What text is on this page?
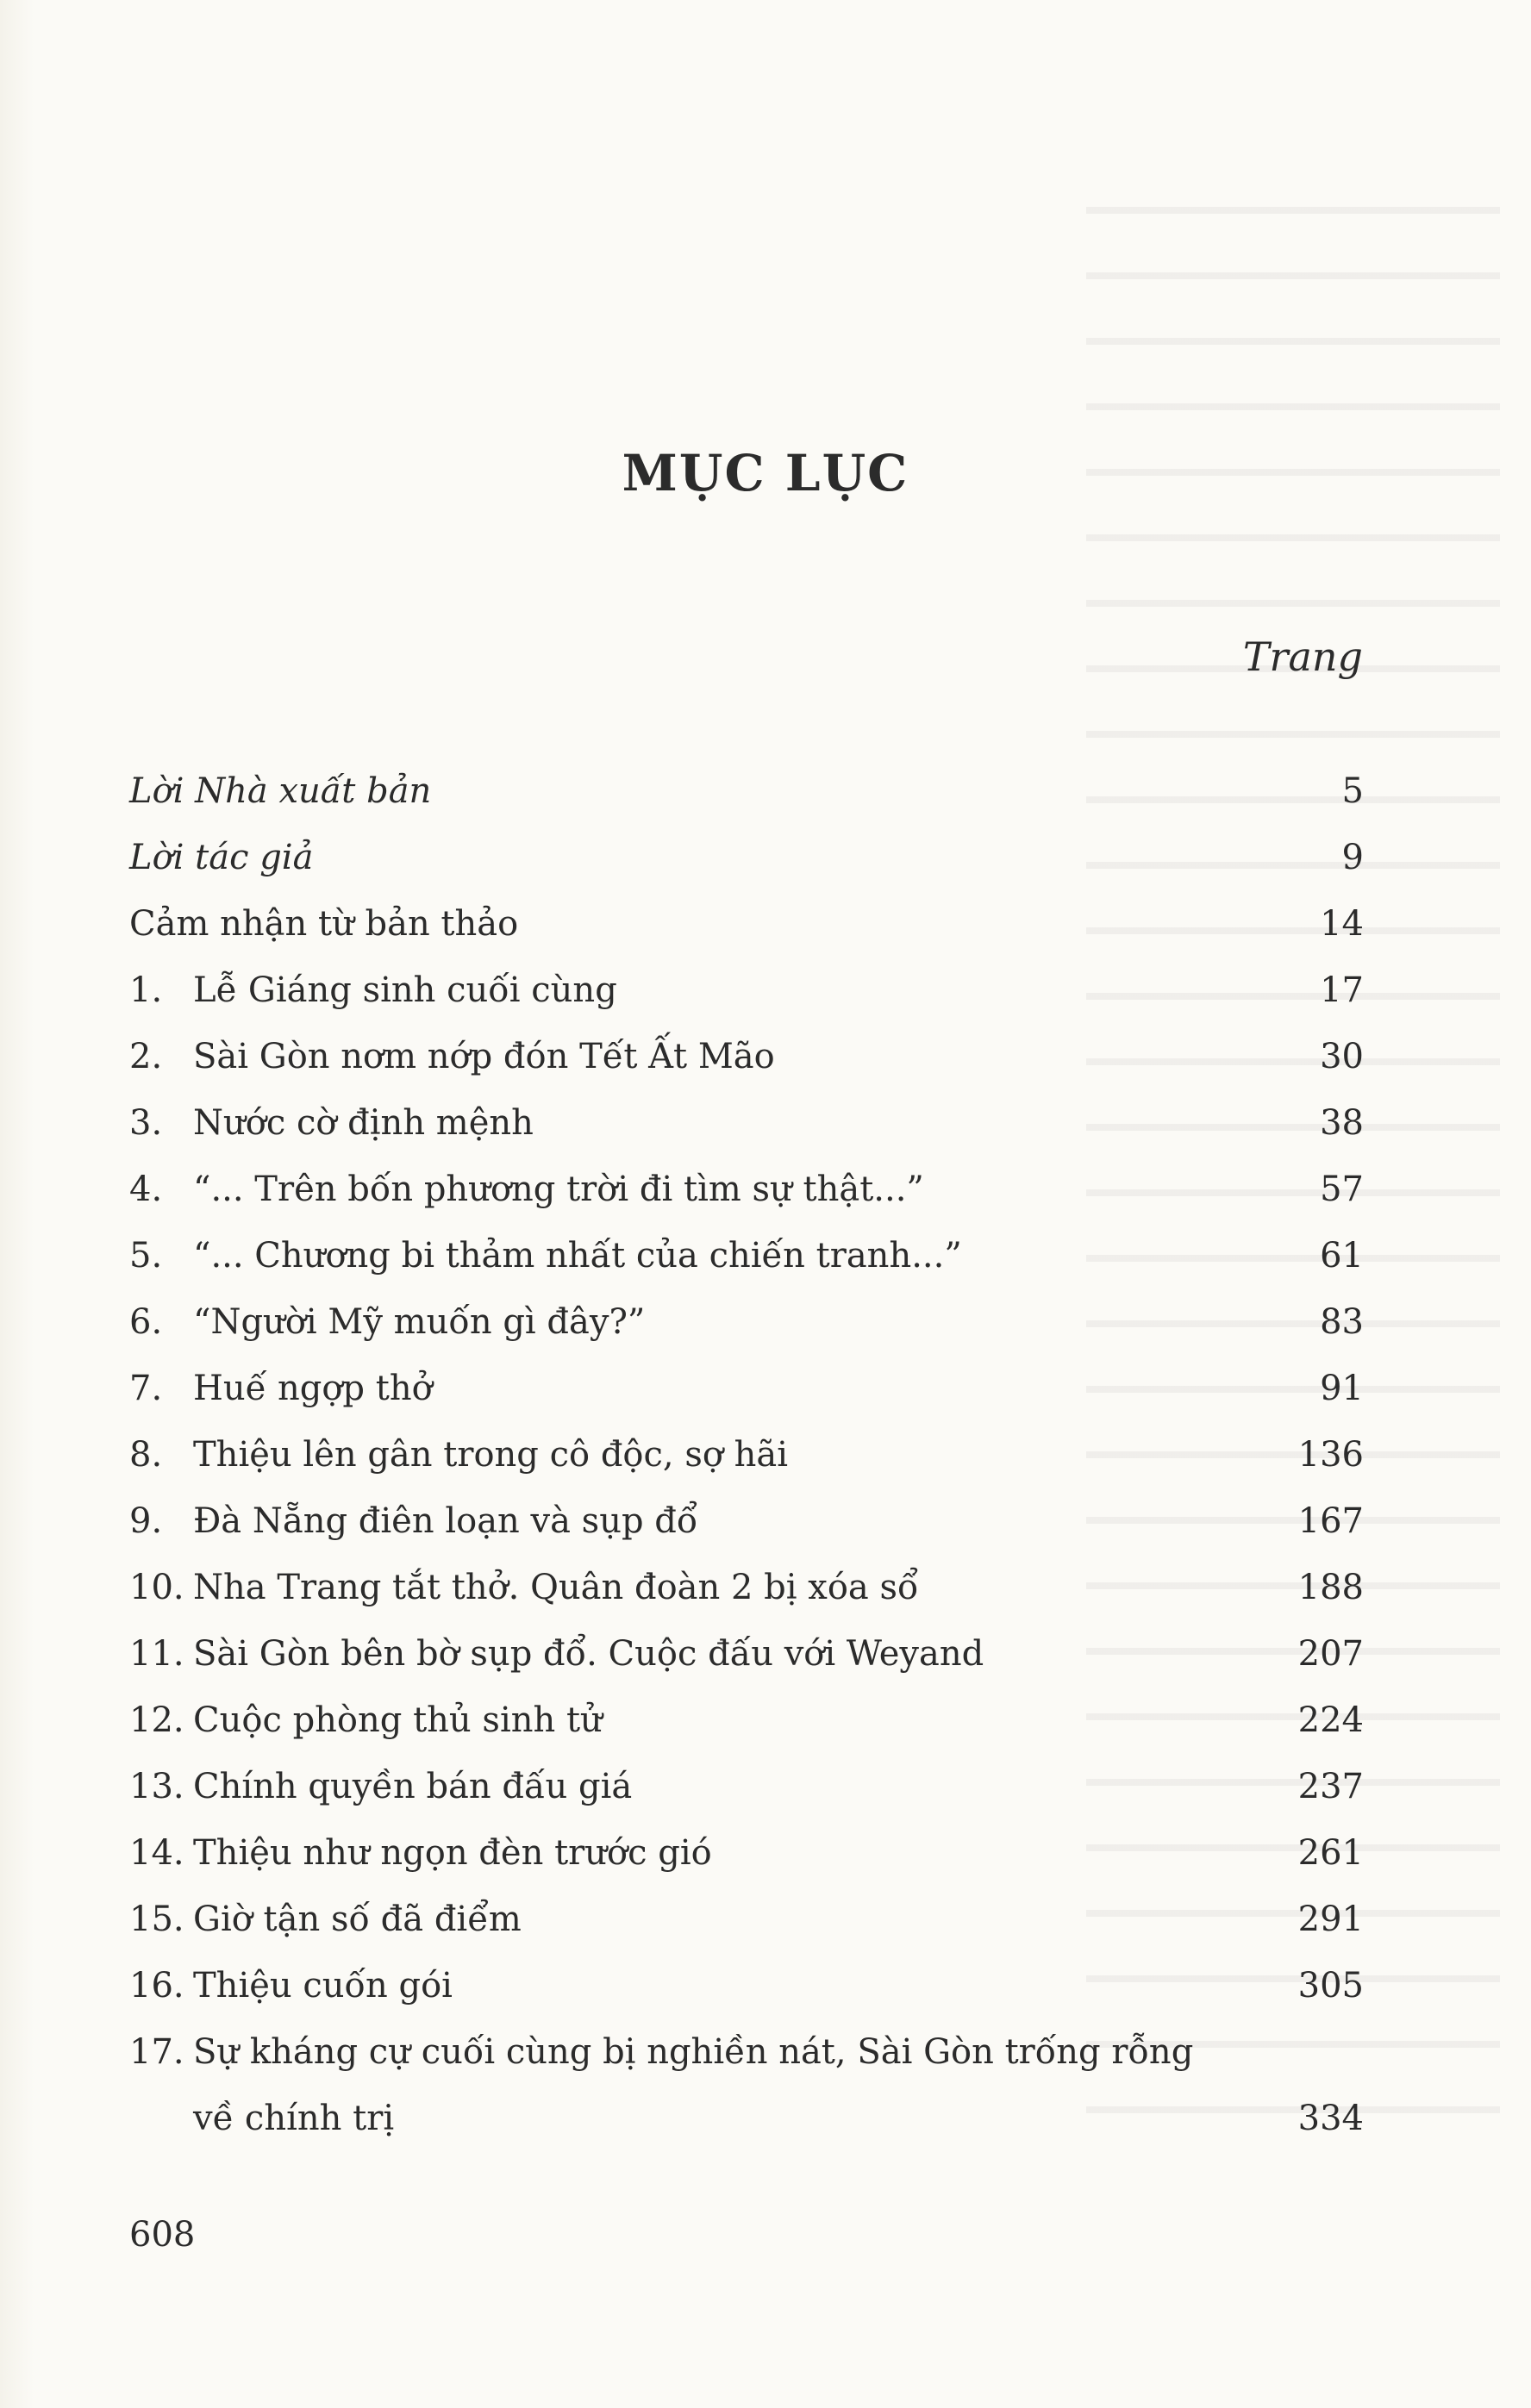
MỤC LỤC
Trang
Lời Nhà xuất bản	5
Lời tác giả	9
Cảm nhận từ bản thảo	14
1. Lễ Giáng sinh cuối cùng	17
2. Sài Gòn nơm nớp đón Tết Ất Mão	30
3. Nước cờ định mệnh	38
4. “... Trên bốn phương trời đi tìm sự thật...”	57
5. “... Chương bi thảm nhất của chiến tranh...”	61
6. “Người Mỹ muốn gì đây?”	83
7. Huế ngợp thở	91
8. Thiệu lên gân trong cô độc, sợ hãi	136
9. Đà Nẵng điên loạn và sụp đổ	167
10. Nha Trang tắt thở. Quân đoàn 2 bị xóa sổ	188
11. Sài Gòn bên bờ sụp đổ. Cuộc đấu với Weyand	207
12. Cuộc phòng thủ sinh tử	224
13. Chính quyền bán đấu giá	237
14. Thiệu như ngọn đèn trước gió	261
15. Giờ tận số đã điểm	291
16. Thiệu cuốn gói	305
17. Sự kháng cự cuối cùng bị nghiền nát, Sài Gòn trống rỗng
về chính trị	334
608
